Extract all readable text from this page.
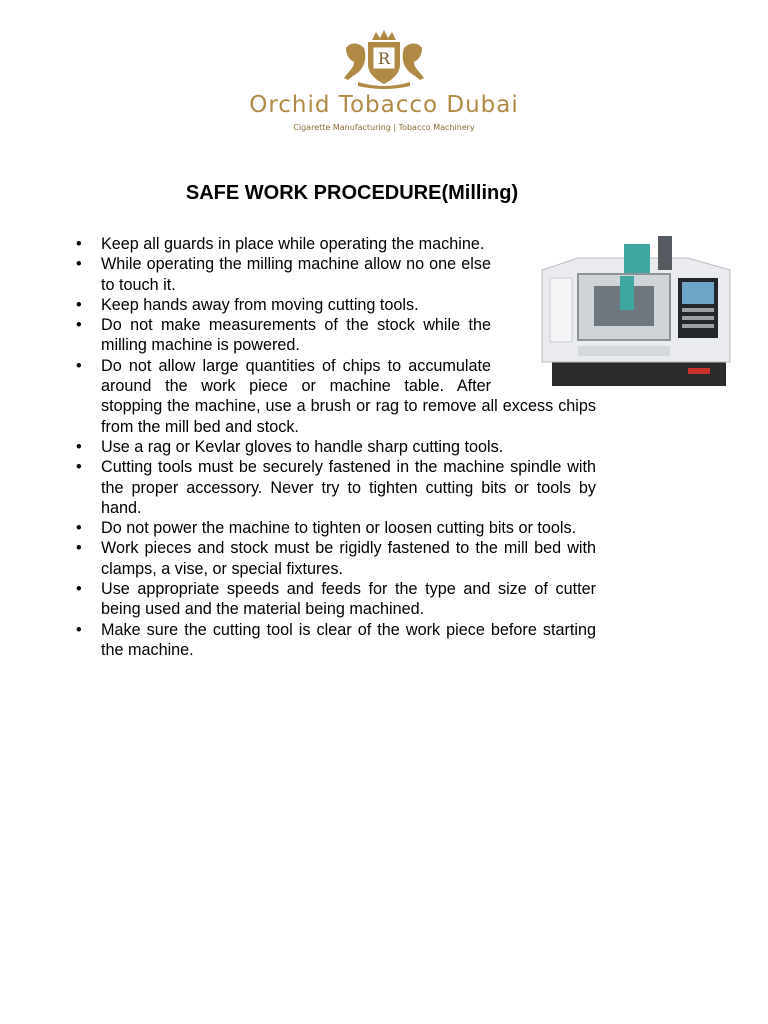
R
Orchid Tobacco Dubai
Cigarette Manufacturing | Tobacco Machinery
SAFE WORK PROCEDURE(Milling)
• Keep all guards in place while operating the machine.
• While operating the milling machine allow no one else to touch it.
• Keep hands away from moving cutting tools.
• Do not make measurements of the stock while the milling machine is powered.
• Do not allow large quantities of chips to accumulate around the work piece or machine table. After stopping the machine, use a brush or rag to remove all excess chips from the mill bed and stock.
• Use a rag or Kevlar gloves to handle sharp cutting tools.
• Cutting tools must be securely fastened in the machine spindle with the proper accessory. Never try to tighten cutting bits or tools by hand.
• Do not power the machine to tighten or loosen cutting bits or tools.
• Work pieces and stock must be rigidly fastened to the mill bed with clamps, a vise, or special fixtures.
• Use appropriate speeds and feeds for the type and size of cutter being used and the material being machined.
• Make sure the cutting tool is clear of the work piece before starting the machine.
